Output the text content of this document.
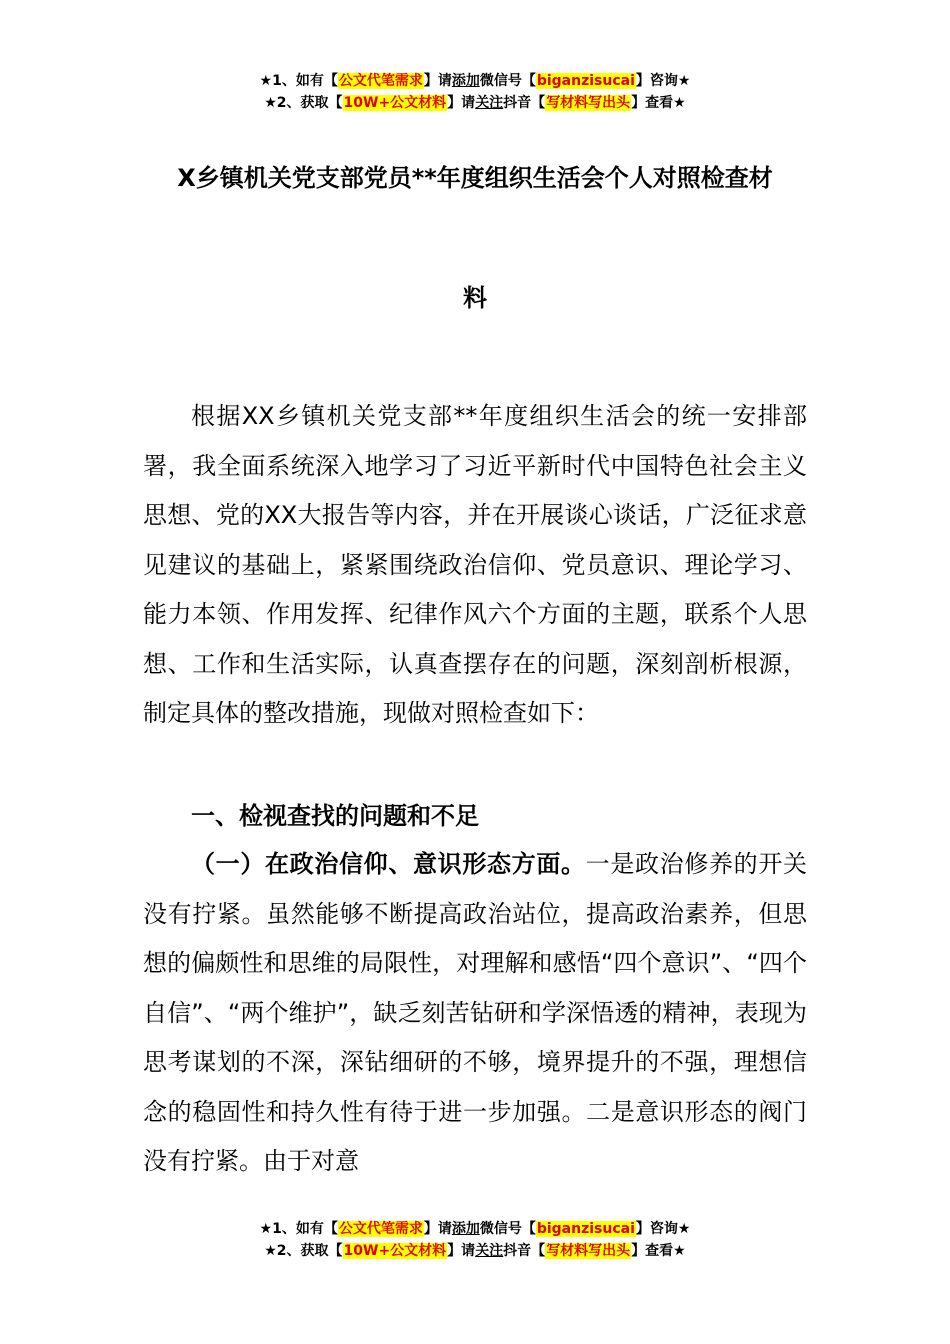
★1、如有【公文代笔需求】请添加微信号【biganzisucai】咨询★
★2、获取【10W+公文材料】请关注抖音【写材料写出头】查看★
X乡镇机关党支部党员**年度组织生活会个人对照检查材
料

根据XX乡镇机关党支部**年度组织生活会的统一安排部署，我全面系统深入地学习了习近平新时代中国特色社会主义思想、党的XX大报告等内容，并在开展谈心谈话，广泛征求意见建议的基础上，紧紧围绕政治信仰、党员意识、理论学习、能力本领、作用发挥、纪律作风六个方面的主题，联系个人思想、工作和生活实际，认真查摆存在的问题，深刻剖析根源，制定具体的整改措施，现做对照检查如下：

一、检视查找的问题和不足

（一）在政治信仰、意识形态方面。一是政治修养的开关没有拧紧。虽然能够不断提高政治站位，提高政治素养，但思想的偏颇性和思维的局限性，对理解和感悟“四个意识”、“四个自信”、“两个维护”，缺乏刻苦钻研和学深悟透的精神，表现为思考谋划的不深，深钻细研的不够，境界提升的不强，理想信念的稳固性和持久性有待于进一步加强。二是意识形态的阀门没有拧紧。由于对意

★1、如有【公文代笔需求】请添加微信号【biganzisucai】咨询★
★2、获取【10W+公文材料】请关注抖音【写材料写出头】查看★
